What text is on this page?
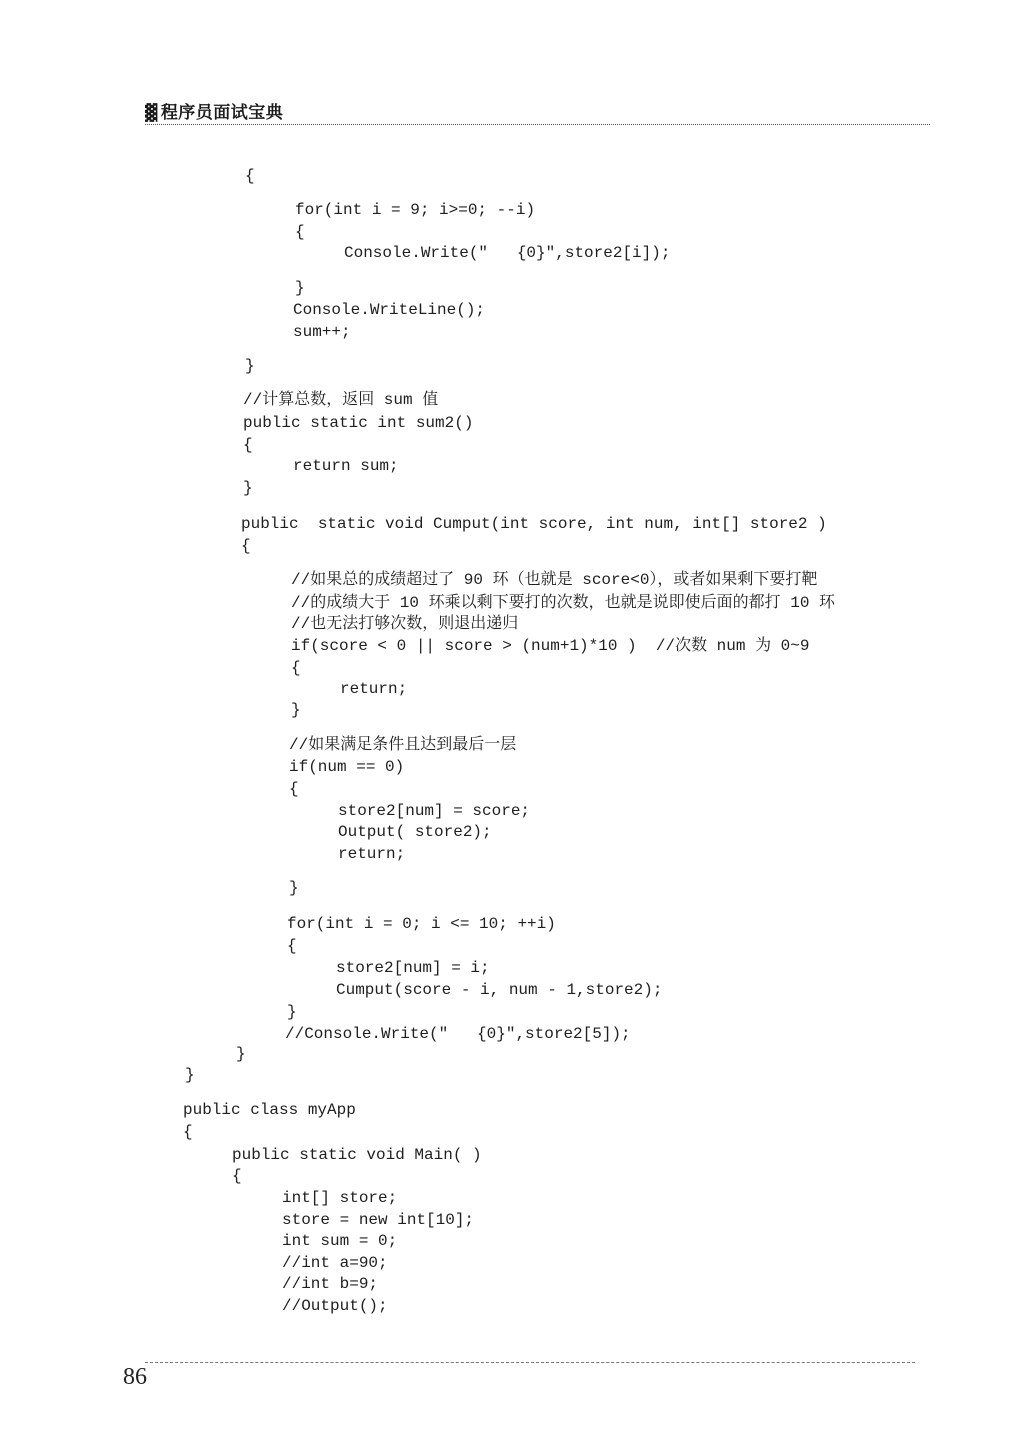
▓ 程序员面试宝典
{
for(int i = 9; i>=0; --i)
{
Console.Write("   {0}",store2[i]);
}
Console.WriteLine();
sum++;
}
//计算总数，返回 sum 值
public static int sum2()
{
return sum;
}
public  static void Cumput(int score, int num, int[] store2 )
{
//如果总的成绩超过了 90 环（也就是 score<0），或者如果剩下要打靶
//的成绩大于 10 环乘以剩下要打的次数，也就是说即使后面的都打 10 环
//也无法打够次数，则退出递归
if(score < 0 || score > (num+1)*10 )  //次数 num 为 0~9
{
return;
}
//如果满足条件且达到最后一层
if(num == 0)
{
store2[num] = score;
Output( store2);
return;
}
for(int i = 0; i <= 10; ++i)
{
store2[num] = i;
Cumput(score - i, num - 1,store2);
}
//Console.Write("   {0}",store2[5]);
}
}
public class myApp
{
public static void Main( )
{
int[] store;
store = new int[10];
int sum = 0;
//int a=90;
//int b=9;
//Output();
86
